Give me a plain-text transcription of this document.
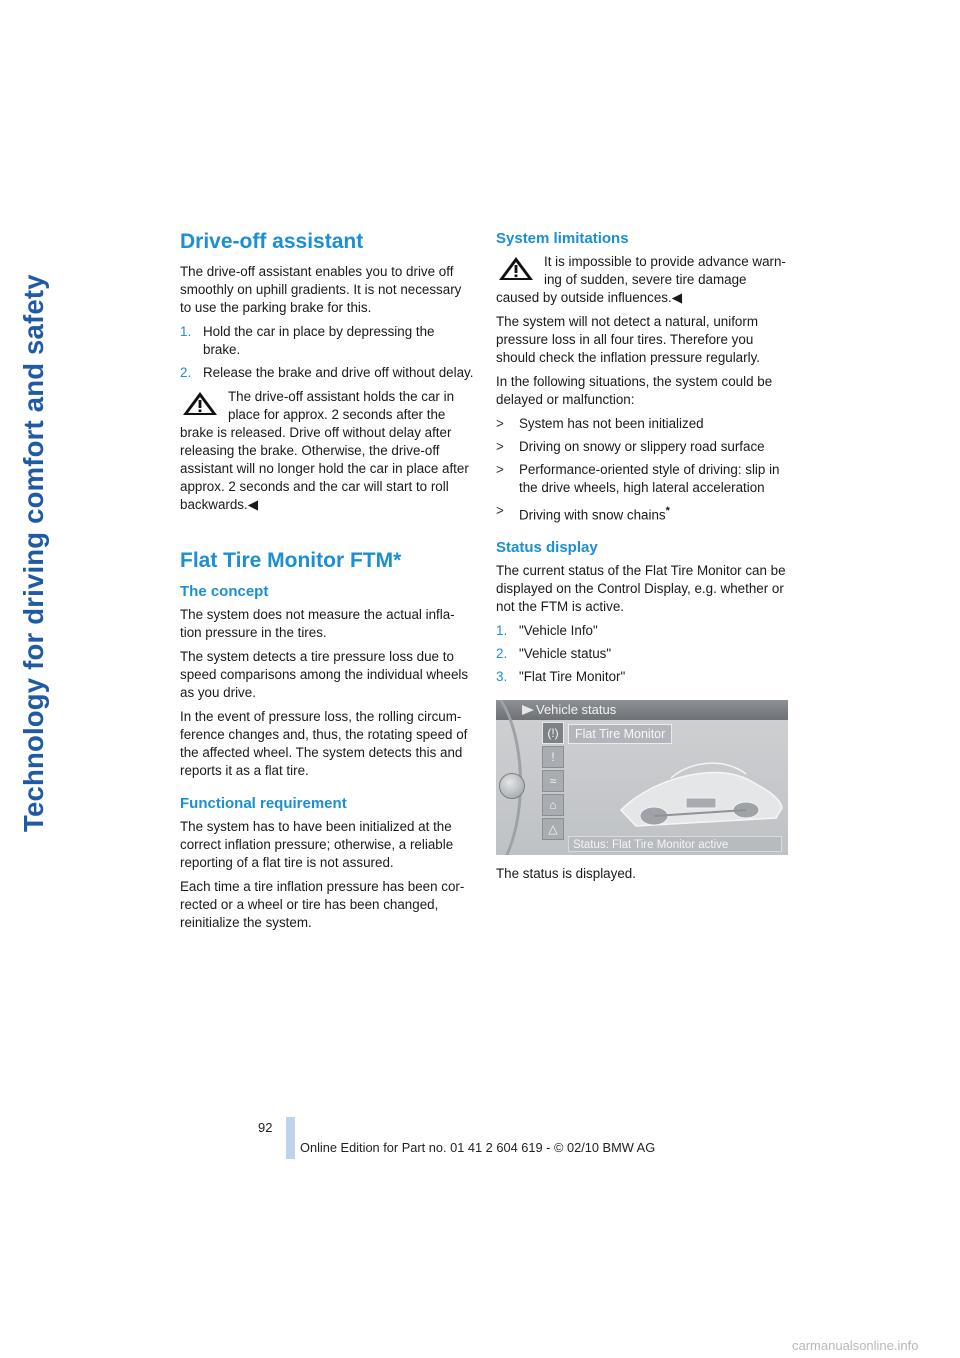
Technology for driving comfort and safety
Drive-off assistant

The drive-off assistant enables you to drive off smoothly on uphill gradients. It is not necessary to use the parking brake for this.

1. Hold the car in place by depressing the brake.
2. Release the brake and drive off without delay.
The drive-off assistant holds the car in place for approx. 2 seconds after the brake is released. Drive off without delay after releasing the brake. Otherwise, the drive-off assistant will no longer hold the car in place after approx. 2 seconds and the car will start to roll backwards.◀
Flat Tire Monitor FTM*
The concept

The system does not measure the actual infla-tion pressure in the tires.

The system detects a tire pressure loss due to speed comparisons among the individual wheels as you drive.

In the event of pressure loss, the rolling circum-ference changes and, thus, the rotating speed of the affected wheel. The system detects this and reports it as a flat tire.

Functional requirement

The system has to have been initialized at the correct inflation pressure; otherwise, a reliable reporting of a flat tire is not assured.

Each time a tire inflation pressure has been cor-rected or a wheel or tire has been changed, reinitialize the system.

System limitations
It is impossible to provide advance warn-ing of sudden, severe tire damage caused by outside influences.◀

The system will not detect a natural, uniform pressure loss in all four tires. Therefore you should check the inflation pressure regularly.

In the following situations, the system could be delayed or malfunction:

>	System has not been initialized
>	Driving on snowy or slippery road surface
>	Performance-oriented style of driving: slip in the drive wheels, high lateral acceleration
>	Driving with snow chains*
Status display

The current status of the Flat Tire Monitor can be displayed on the Control Display, e.g. whether or not the FTM is active.

1. "Vehicle Info"
2. "Vehicle status"
3. "Flat Tire Monitor"
Vehicle status
(!)
!
≈
⌂
△
Flat Tire Monitor
Status: Flat Tire Monitor active

The status is displayed.

92
Online Edition for Part no. 01 41 2 604 619 - © 02/10 BMW AG
carmanualsonline.info
